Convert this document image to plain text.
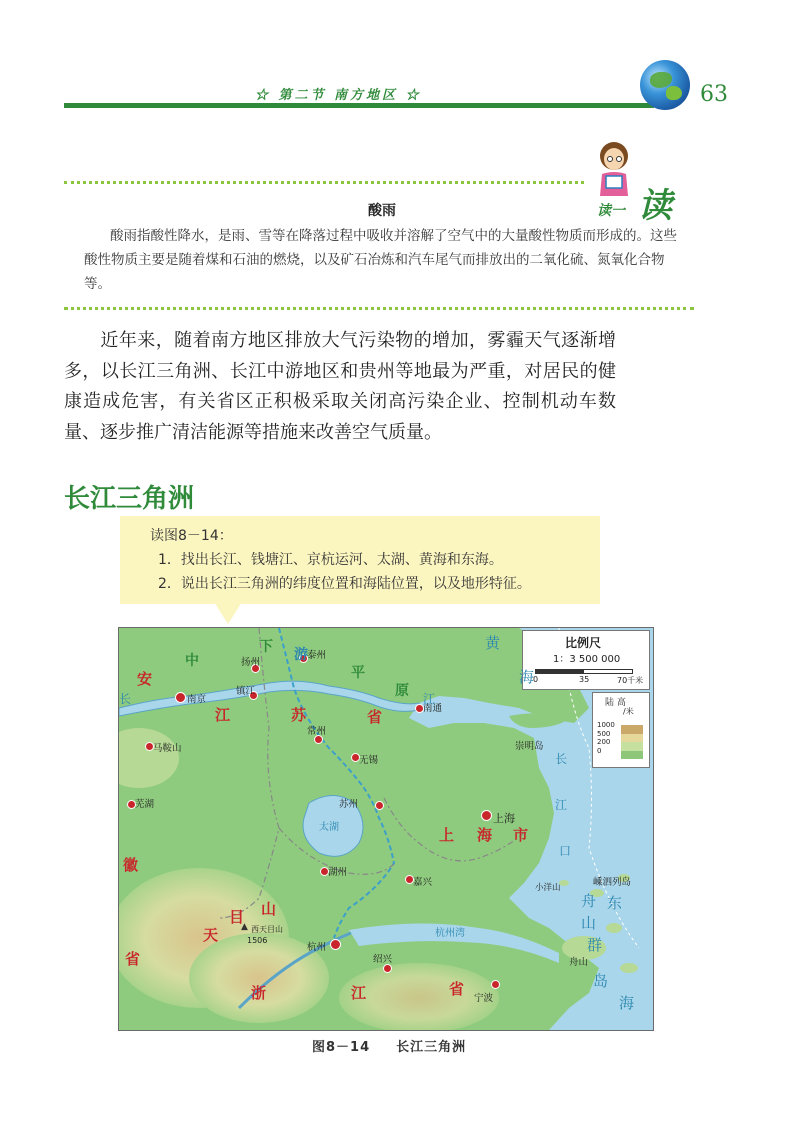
☆ 第二节 南方地区 ☆	63
读一 读
酸雨
酸雨指酸性降水，是雨、雪等在降落过程中吸收并溶解了空气中的大量酸性物质而形成的。这些酸性物质主要是随着煤和石油的燃烧，以及矿石冶炼和汽车尾气而排放出的二氧化硫、氮氧化合物等。
近年来，随着南方地区排放大气污染物的增加，雾霾天气逐渐增多，以长江三角洲、长江中游地区和贵州等地最为严重，对居民的健康造成危害，有关省区正积极采取关闭高污染企业、控制机动车数量、逐步推广清洁能源等措施来改善空气质量。
长江三角洲
读图8－14：
1．找出长江、钱塘江、京杭运河、太湖、黄海和东海。
2．说出长江三角洲的纬度位置和海陆位置，以及地形特征。
比例尺
1：3 500 000
0	35	70千米
陆 高
/米
1000
500
200
0
南京
扬州
泰州
镇江
常州
无锡
苏州
南通
上海
马鞍山
芜湖
湖州
嘉兴
杭州
绍兴
宁波
▲ 西天目山
1506
太湖
崇明岛
小洋山	嵊泗列岛
舟山
杭州湾
下 游
平
原
中
安
徽
江	苏	省
上 海 市
天
目 山
省
浙	江	省
黄
海
东
海
舟
山
群
岛
长
江
口
长	江
图8－14 长江三角洲
